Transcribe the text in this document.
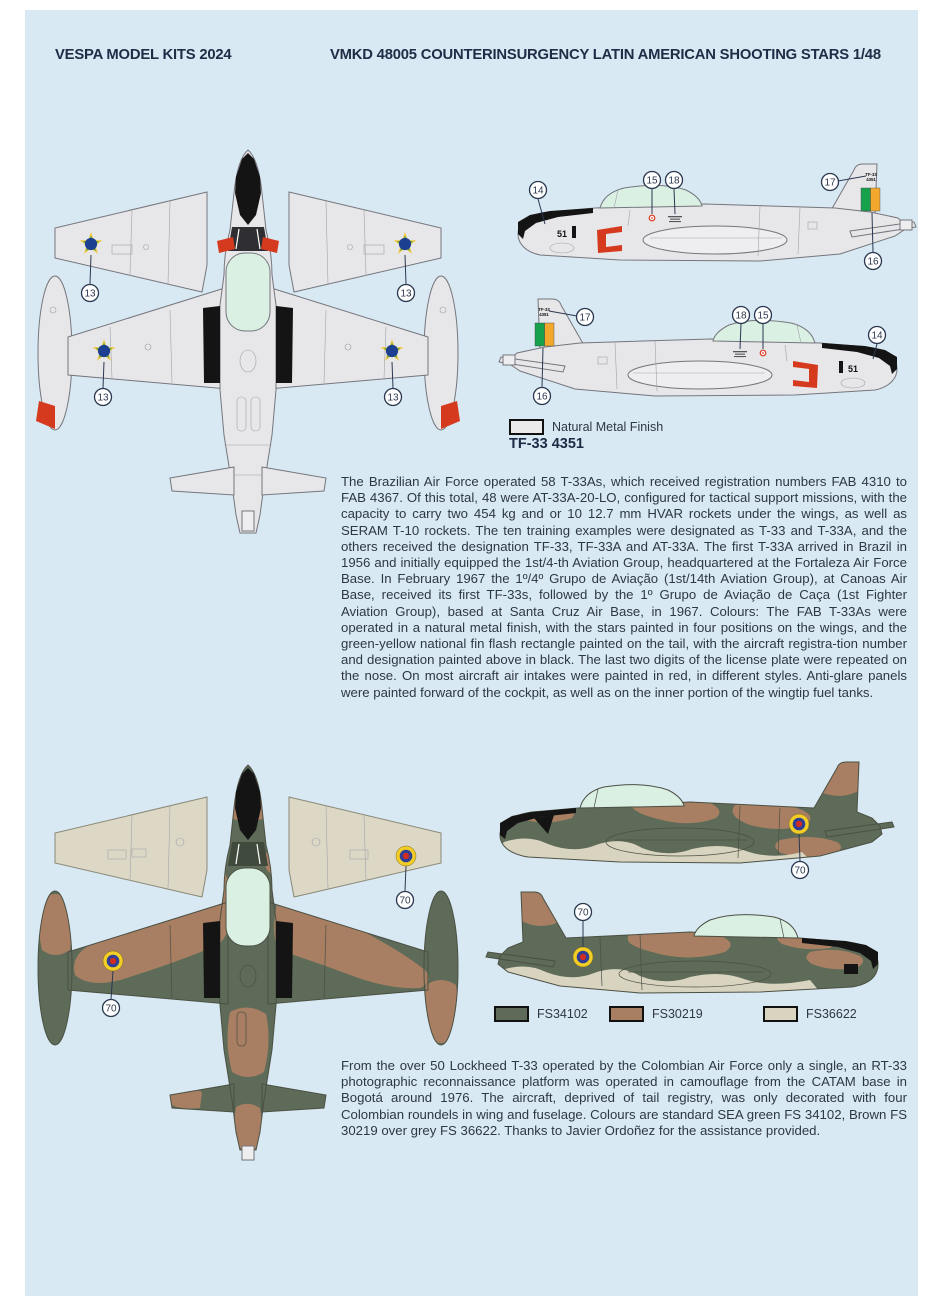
VESPA MODEL KITS 2024	VMKD 48005 COUNTERINSURGENCY LATIN AMERICAN SHOOTING STARS 1/48
13	13
13	13
51
TF-33
4351
14
15 18	17
16
51
TF-33
4351	17
16
18 15
14
Natural Metal Finish
TF-33 4351
The Brazilian Air Force operated 58 T-33As, which received registration numbers FAB 4310 to FAB 4367. Of this total, 48 were AT-33A-20-LO, configured for tactical support missions, with the capacity to carry two 454 kg and or 10 12.7 mm HVAR rockets under the wings, as well as SERAM T-10 rockets. The ten training examples were designated as T-33 and T-33A, and the others received the designation TF-33, TF-33A and AT-33A. The first T-33A arrived in Brazil in 1956 and initially equipped the 1st/4-th Aviation Group, headquartered at the Fortaleza Air Force Base. In February 1967 the 1º/4º Grupo de Aviação (1st/14th Aviation Group), at Canoas Air Base, received its first TF-33s, followed by the 1º Grupo de Aviação de Caça (1st Fighter Aviation Group), based at Santa Cruz Air Base, in 1967. Colours: The FAB T-33As were operated in a natural metal finish, with the stars painted in four positions on the wings, and the green-yellow national fin flash rectangle painted on the tail, with the aircraft registra-tion number and designation painted above in black. The last two digits of the license plate were repeated on the nose. On most aircraft air intakes were painted in red, in different styles. Anti-glare panels were painted forward of the cockpit, as well as on the inner portion of the wingtip fuel tanks.
70
70
70
70
FS34102	FS30219	FS36622
From the over 50 Lockheed T-33 operated by the Colombian Air Force only a single, an RT-33 photographic reconnaissance platform was operated in camouflage from the CATAM base in Bogotá around 1976. The aircraft, deprived of tail registry, was only decorated with four Colombian roundels in wing and fuselage. Colours are standard SEA green FS 34102, Brown FS 30219 over grey FS 36622. Thanks to Javier Ordoñez for the assistance provided.
